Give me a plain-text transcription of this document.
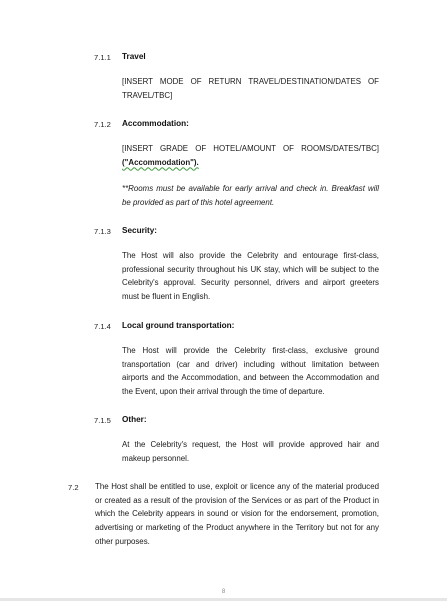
7.1.1 Travel
[INSERT MODE OF RETURN TRAVEL/DESTINATION/DATES OF TRAVEL/TBC]
7.1.2 Accommodation:
[INSERT GRADE OF HOTEL/AMOUNT OF ROOMS/DATES/TBC] ("Accommodation").
**Rooms must be available for early arrival and check in. Breakfast will be provided as part of this hotel agreement.
7.1.3 Security:
The Host will also provide the Celebrity and entourage first-class, professional security throughout his UK stay, which will be subject to the Celebrity's approval. Security personnel, drivers and airport greeters must be fluent in English.
7.1.4 Local ground transportation:
The Host will provide the Celebrity first-class, exclusive ground transportation (car and driver) including without limitation between airports and the Accommodation, and between the Accommodation and the Event, upon their arrival through the time of departure.
7.1.5 Other:
At the Celebrity's request, the Host will provide approved hair and makeup personnel.
7.2 The Host shall be entitled to use, exploit or licence any of the material produced or created as a result of the provision of the Services or as part of the Product in which the Celebrity appears in sound or vision for the endorsement, promotion, advertising or marketing of the Product anywhere in the Territory but not for any other purposes.
8
